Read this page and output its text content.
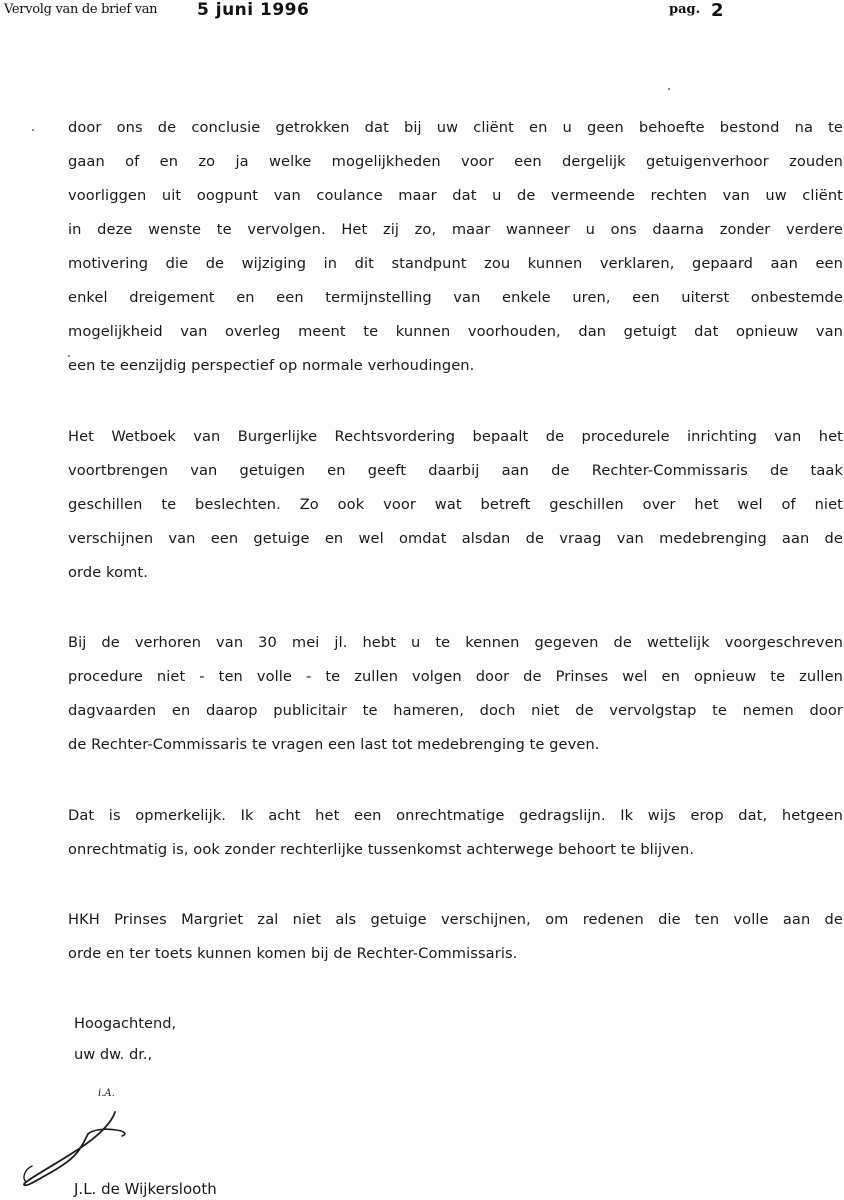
Vervolg van de brief van 5 juni 1996	pag. 2

door ons de conclusie getrokken dat bij uw cliënt en u geen behoefte bestond na te
gaan of en zo ja welke mogelijkheden voor een dergelijk getuigenverhoor zouden
voorliggen uit oogpunt van coulance maar dat u de vermeende rechten van uw cliënt
in deze wenste te vervolgen. Het zij zo, maar wanneer u ons daarna zonder verdere
motivering die de wijziging in dit standpunt zou kunnen verklaren, gepaard aan een
enkel dreigement en een termijnstelling van enkele uren, een uiterst onbestemde
mogelijkheid van overleg meent te kunnen voorhouden, dan getuigt dat opnieuw van
een te eenzijdig perspectief op normale verhoudingen.

Het Wetboek van Burgerlijke Rechtsvordering bepaalt de procedurele inrichting van het
voortbrengen van getuigen en geeft daarbij aan de Rechter-Commissaris de taak
geschillen te beslechten. Zo ook voor wat betreft geschillen over het wel of niet
verschijnen van een getuige en wel omdat alsdan de vraag van medebrenging aan de
orde komt.

Bij de verhoren van 30 mei jl. hebt u te kennen gegeven de wettelijk voorgeschreven
procedure niet - ten volle - te zullen volgen door de Prinses wel en opnieuw te zullen
dagvaarden en daarop publicitair te hameren, doch niet de vervolgstap te nemen door
de Rechter-Commissaris te vragen een last tot medebrenging te geven.

Dat is opmerkelijk. Ik acht het een onrechtmatige gedragslijn. Ik wijs erop dat, hetgeen
onrechtmatig is, ook zonder rechterlijke tussenkomst achterwege behoort te blijven.

HKH Prinses Margriet zal niet als getuige verschijnen, om redenen die ten volle aan de
orde en ter toets kunnen komen bij de Rechter-Commissaris.

Hoogachtend,
uw dw. dr.,
i.A.
J.L. de Wijkerslooth
